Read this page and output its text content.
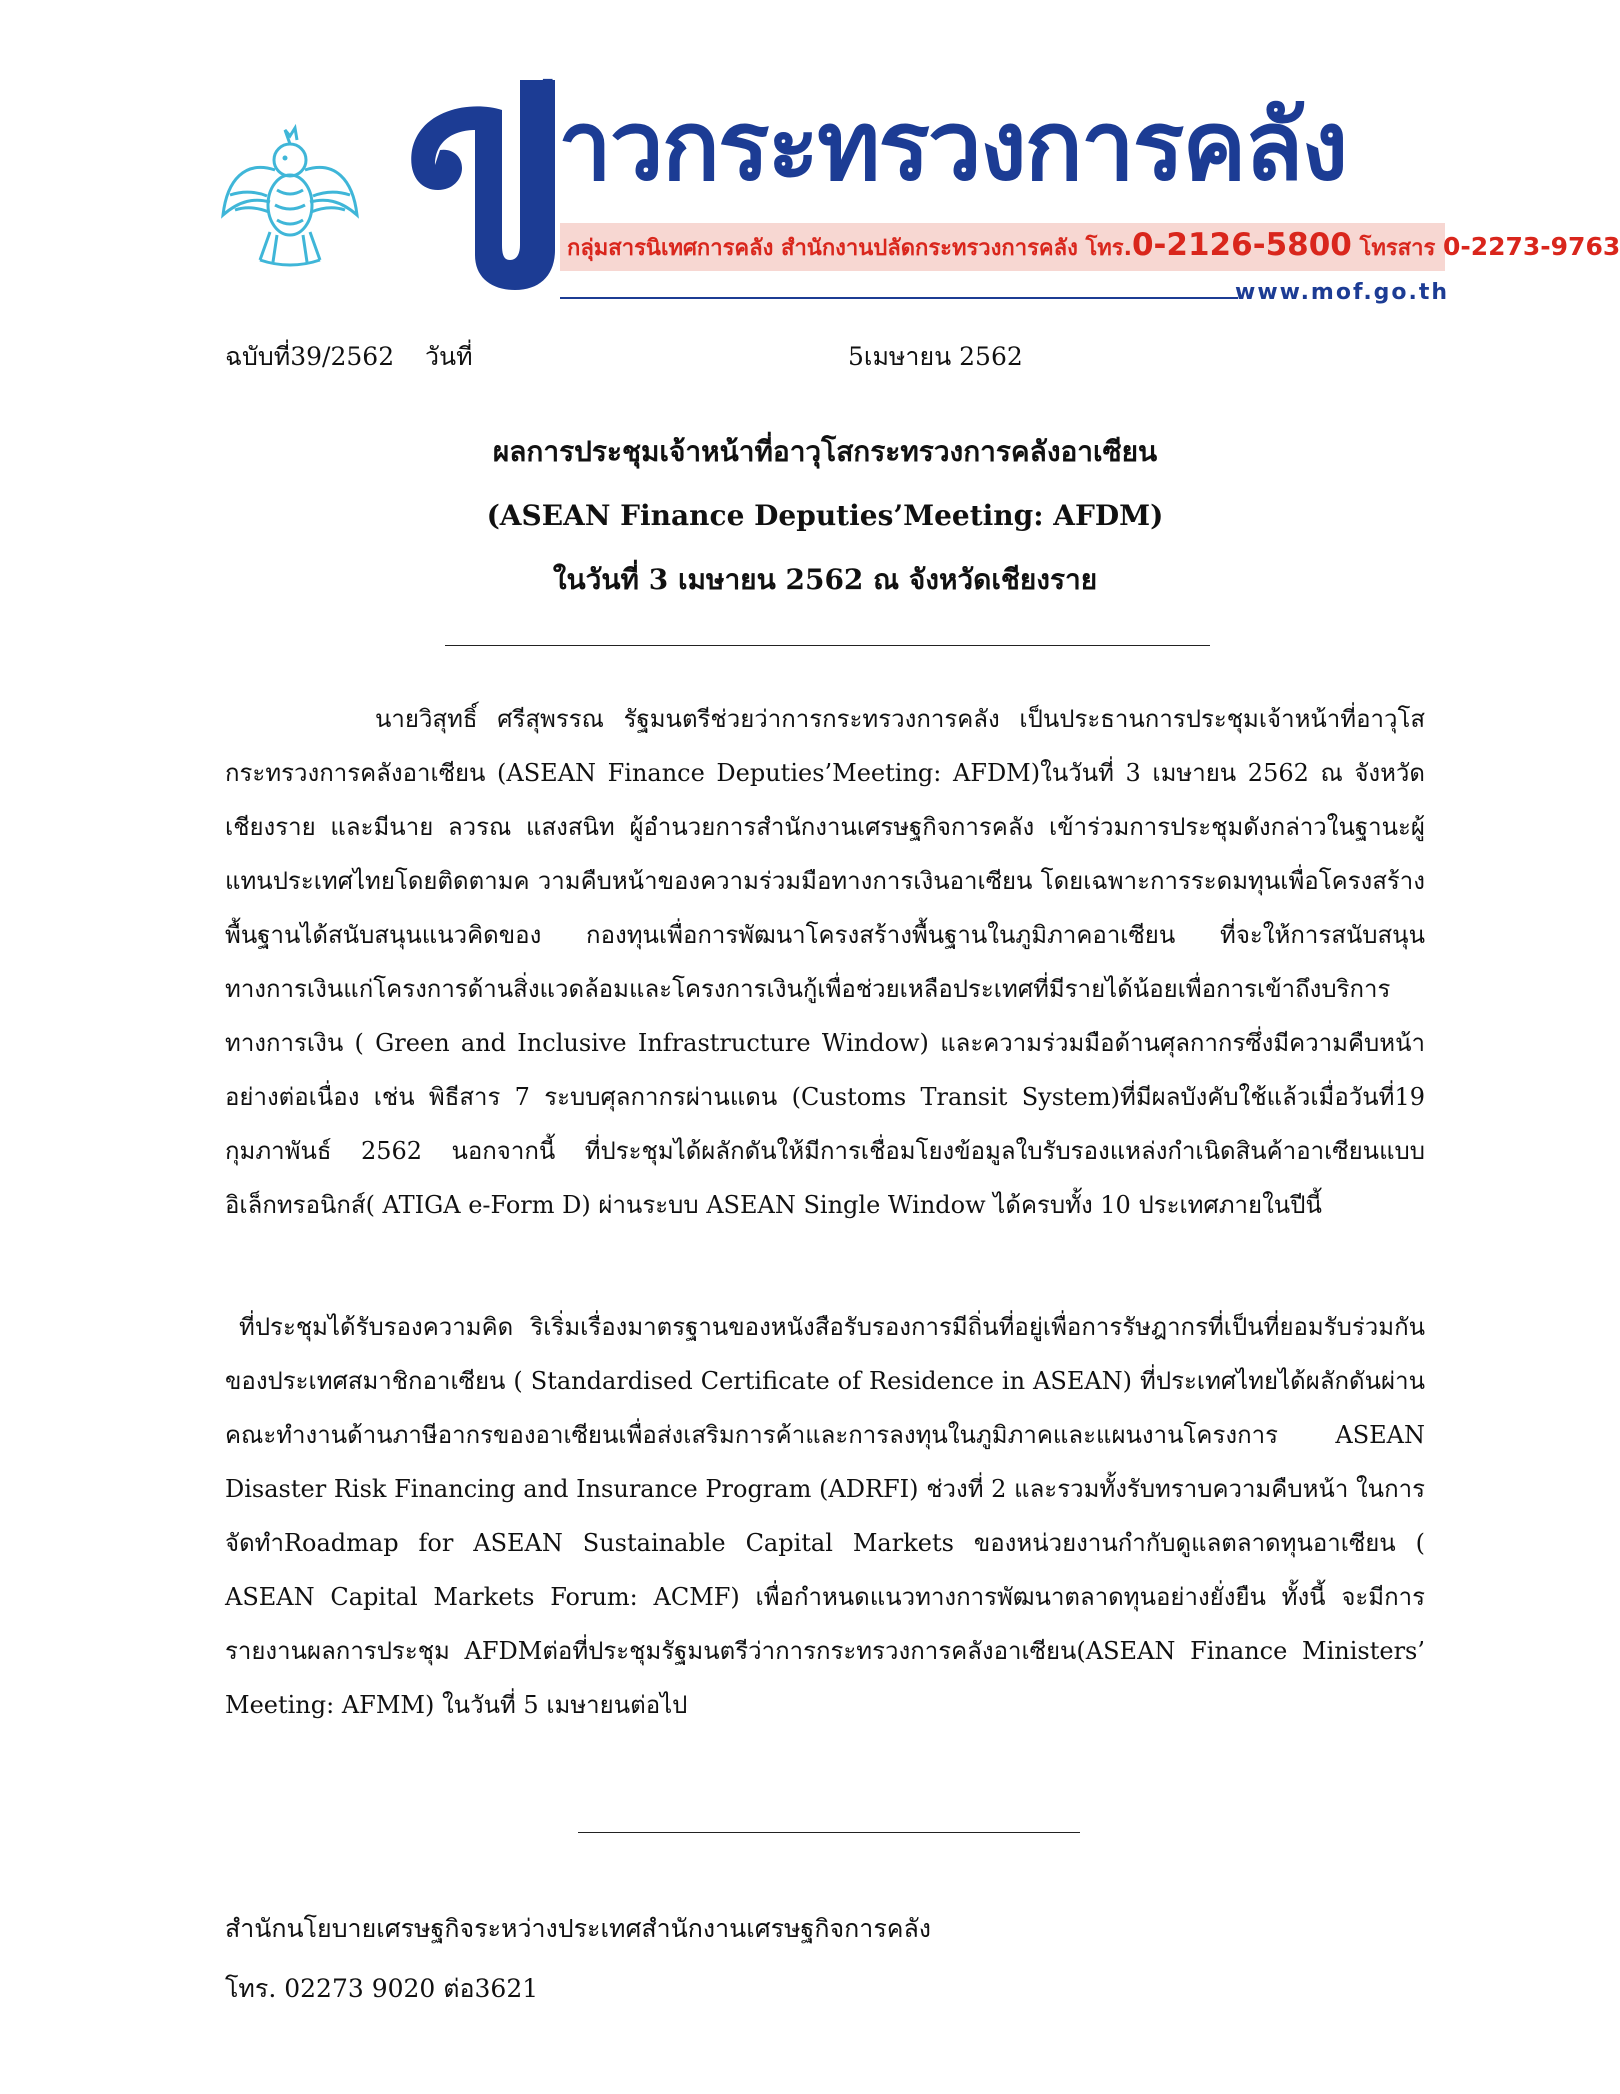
่าวกระทรวงการคลัง
กลุ่มสารนิเทศการคลัง สำนักงานปลัดกระทรวงการคลัง โทร.0-2126-5800 โทรสาร 0-2273-9763
www.mof.go.th
ฉบับที่39/2562 วันที่	5เมษายน 2562
ผลการประชุมเจ้าหน้าที่อาวุโสกระทรวงการคลังอาเซียน
(ASEAN Finance Deputies’Meeting: AFDM)
ในวันที่ 3 เมษายน 2562 ณ จังหวัดเชียงราย
นายวิสุทธิ์ ศรีสุพรรณ รัฐมนตรีช่วยว่าการกระทรวงการคลัง เป็นประธานการประชุมเจ้าหน้าที่อาวุโสกระทรวงการคลังอาเซียน (ASEAN Finance Deputies’Meeting: AFDM)ในวันที่ 3 เมษายน 2562 ณ จังหวัดเชียงราย และมีนาย ลวรณ แสงสนิท ผู้อำนวยการสำนักงานเศรษฐกิจการคลัง เข้าร่วมการประชุมดังกล่าวในฐานะผู้แทนประเทศไทยโดยติดตามค วามคืบหน้าของความร่วมมือทางการเงินอาเซียน โดยเฉพาะการระดมทุนเพื่อโครงสร้างพื้นฐานได้สนับสนุนแนวคิดของ กองทุนเพื่อการพัฒนาโครงสร้างพื้นฐานในภูมิภาคอาเซียน ที่จะให้การสนับสนุนทางการเงินแก่โครงการด้านสิ่งแวดล้อมและโครงการเงินกู้เพื่อช่วยเหลือประเทศที่มีรายได้น้อยเพื่อการเข้าถึงบริการทางการเงิน ( Green and Inclusive Infrastructure Window) และความร่วมมือด้านศุลกากรซึ่งมีความคืบหน้าอย่างต่อเนื่อง เช่น พิธีสาร 7 ระบบศุลกากรผ่านแดน (Customs Transit System)ที่มีผลบังคับใช้แล้วเมื่อวันที่19 กุมภาพันธ์ 2562 นอกจากนี้ ที่ประชุมได้ผลักดันให้มีการเชื่อมโยงข้อมูลใบรับรองแหล่งกำเนิดสินค้าอาเซียนแบบอิเล็กทรอนิกส์( ATIGA e-Form D) ผ่านระบบ ASEAN Single Window ได้ครบทั้ง 10 ประเทศภายในปีนี้
ที่ประชุมได้รับรองความคิด ริเริ่มเรื่องมาตรฐานของหนังสือรับรองการมีถิ่นที่อยู่เพื่อการรัษฎากรที่เป็นที่ยอมรับร่วมกันของประเทศสมาชิกอาเซียน ( Standardised Certificate of Residence in ASEAN) ที่ประเทศไทยได้ผลักดันผ่านคณะทำงานด้านภาษีอากรของอาเซียนเพื่อส่งเสริมการค้าและการลงทุนในภูมิภาคและแผนงานโครงการ ASEAN Disaster Risk Financing and Insurance Program (ADRFI) ช่วงที่ 2 และรวมทั้งรับทราบความคืบหน้า ในการจัดทำRoadmap for ASEAN Sustainable Capital Markets ของหน่วยงานกำกับดูแลตลาดทุนอาเซียน ( ASEAN Capital Markets Forum: ACMF) เพื่อกำหนดแนวทางการพัฒนาตลาดทุนอย่างยั่งยืน ทั้งนี้ จะมีการรายงานผลการประชุม AFDMต่อที่ประชุมรัฐมนตรีว่าการกระทรวงการคลังอาเซียน(ASEAN Finance Ministers’ Meeting: AFMM) ในวันที่ 5 เมษายนต่อไป
สำนักนโยบายเศรษฐกิจระหว่างประเทศสำนักงานเศรษฐกิจการคลัง
โทร. 02273 9020 ต่อ3621
